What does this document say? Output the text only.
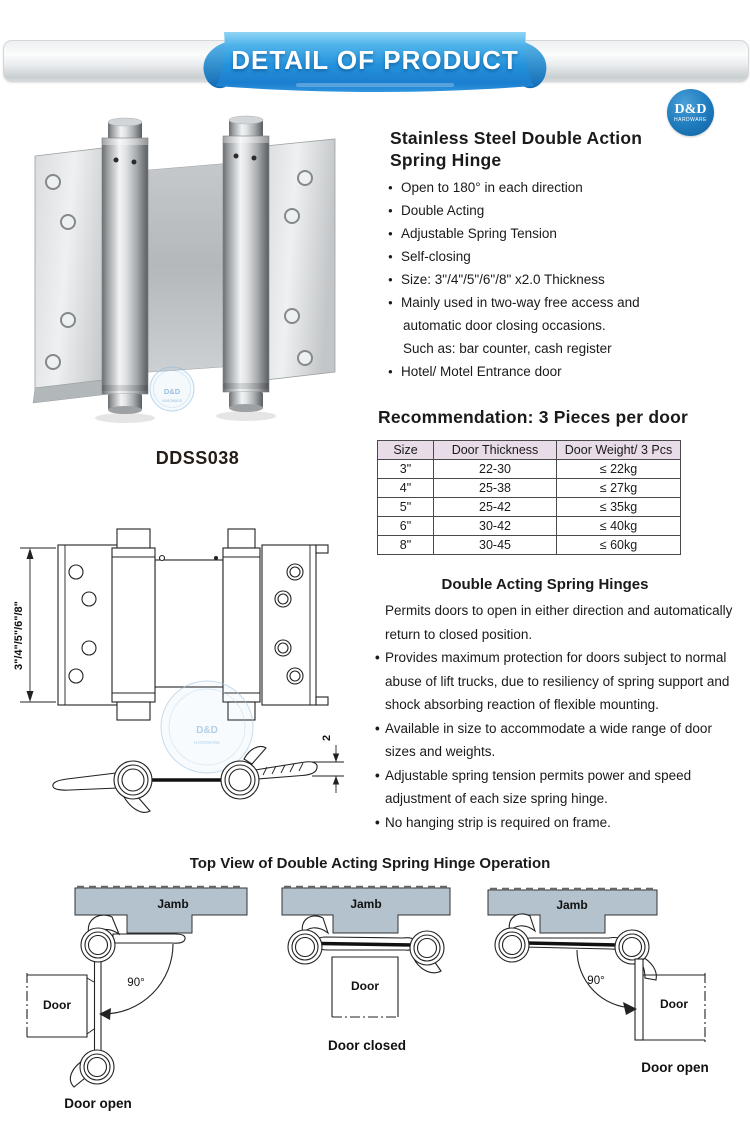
DETAIL OF PRODUCT
D&D
HARDWARE
D&D
HARDWARE
DDSS038
Stainless Steel Double Action
Spring Hinge
● Open to 180° in each direction
● Double Acting
● Adjustable Spring Tension
● Self-closing
● Size: 3"/4"/5"/6"/8" x2.0 Thickness
● Mainly used in two-way free access and
automatic door closing occasions.
Such as: bar counter, cash register
● Hotel/ Motel Entrance door
Recommendation: 3 Pieces per door
Size	Door Thickness	Door Weight/ 3 Pcs
3"	22-30	≤ 22kg
4"	25-38	≤ 27kg
5"	25-42	≤ 35kg
6"	30-42	≤ 40kg
8"	30-45	≤ 60kg
3"/4"/5"/6"/8"
D&D
HARDWARE
2
Double Acting Spring Hinges
Permits doors to open in either direction and automatically
return to closed position.
• Provides maximum protection for doors subject to normal
abuse of lift trucks, due to resiliency of spring support and
shock absorbing reaction of flexible mounting.
• Available in size to accommodate a wide range of door
sizes and weights.
• Adjustable spring tension permits power and speed
adjustment of each size spring hinge.
• No hanging strip is required on frame.
Top View of Double Acting Spring Hinge Operation
Jamb
90°
Door
Door open
Jamb
Door
Door closed
Jamb
90°
Door
Door open
